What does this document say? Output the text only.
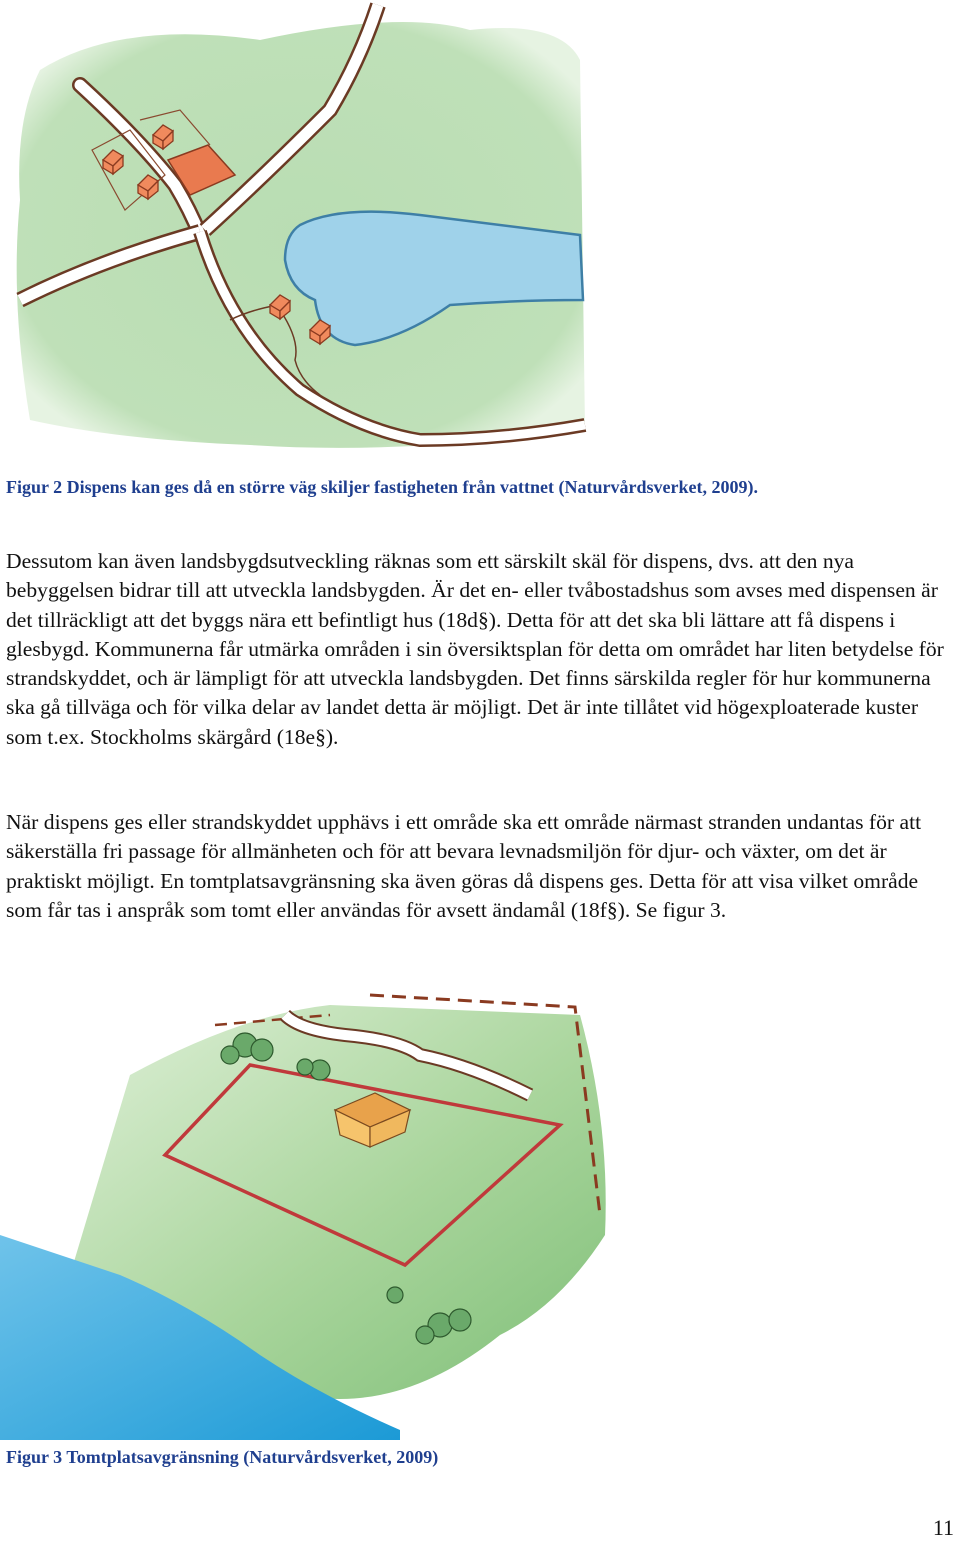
Figur 2 Dispens kan ges då en större väg skiljer fastigheten från vattnet (Naturvårdsverket, 2009).

Dessutom kan även landsbygdsutveckling räknas som ett särskilt skäl för dispens, dvs. att den nya bebyggelsen bidrar till att utveckla landsbygden. Är det en- eller tvåbostadshus som avses med dispensen är det tillräckligt att det byggs nära ett befintligt hus (18d§). Detta för att det ska bli lättare att få dispens i glesbygd. Kommunerna får utmärka områden i sin översiktsplan för detta om området har liten betydelse för strandskyddet, och är lämpligt för att utveckla landsbygden. Det finns särskilda regler för hur kommunerna ska gå tillväga och för vilka delar av landet detta är möjligt. Det är inte tillåtet vid högexploaterade kuster som t.ex. Stockholms skärgård (18e§).

När dispens ges eller strandskyddet upphävs i ett område ska ett område närmast stranden undantas för att säkerställa fri passage för allmänheten och för att bevara levnadsmiljön för djur- och växter, om det är praktiskt möjligt. En tomtplatsavgränsning ska även göras då dispens ges. Detta för att visa vilket område som får tas i anspråk som tomt eller användas för avsett ändamål (18f§). Se figur 3.

Figur 3 Tomtplatsavgränsning (Naturvårdsverket, 2009)
11
